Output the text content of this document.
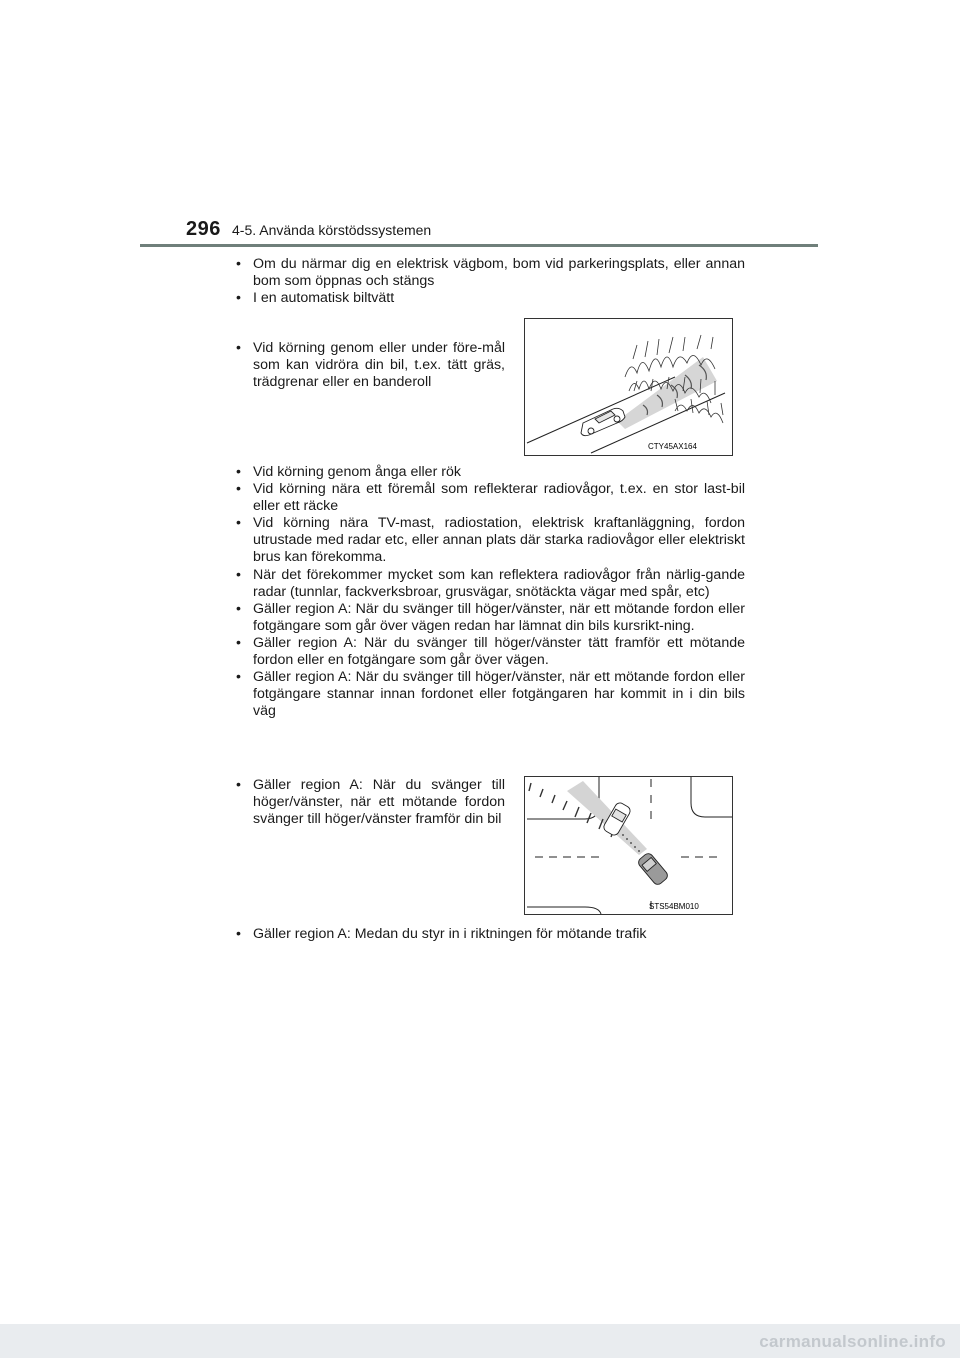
296 4-5. Använda körstödssystemen
• Om du närmar dig en elektrisk vägbom, bom vid parkeringsplats, eller annan bom som öppnas och stängs
• I en automatisk biltvätt
• Vid körning genom eller under före-mål som kan vidröra din bil, t.ex. tätt gräs, trädgrenar eller en banderoll
CTY45AX164
• Vid körning genom ånga eller rök
• Vid körning nära ett föremål som reflekterar radiovågor, t.ex. en stor last-bil eller ett räcke
• Vid körning nära TV-mast, radiostation, elektrisk kraftanläggning, fordon utrustade med radar etc, eller annan plats där starka radiovågor eller elektriskt brus kan förekomma.
• När det förekommer mycket som kan reflektera radiovågor från närlig-gande radar (tunnlar, fackverksbroar, grusvägar, snötäckta vägar med spår, etc)
• Gäller region A: När du svänger till höger/vänster, när ett mötande fordon eller fotgängare som går över vägen redan har lämnat din bils kursrikt-ning.
• Gäller region A: När du svänger till höger/vänster tätt framför ett mötande fordon eller en fotgängare som går över vägen.
• Gäller region A: När du svänger till höger/vänster, när ett mötande fordon eller fotgängare stannar innan fordonet eller fotgängaren har kommit in i din bils väg
• Gäller region A: När du svänger till höger/vänster, när ett mötande fordon svänger till höger/vänster framför din bil
STS54BM010
• Gäller region A: Medan du styr in i riktningen för mötande trafik
carmanualsonline.info
